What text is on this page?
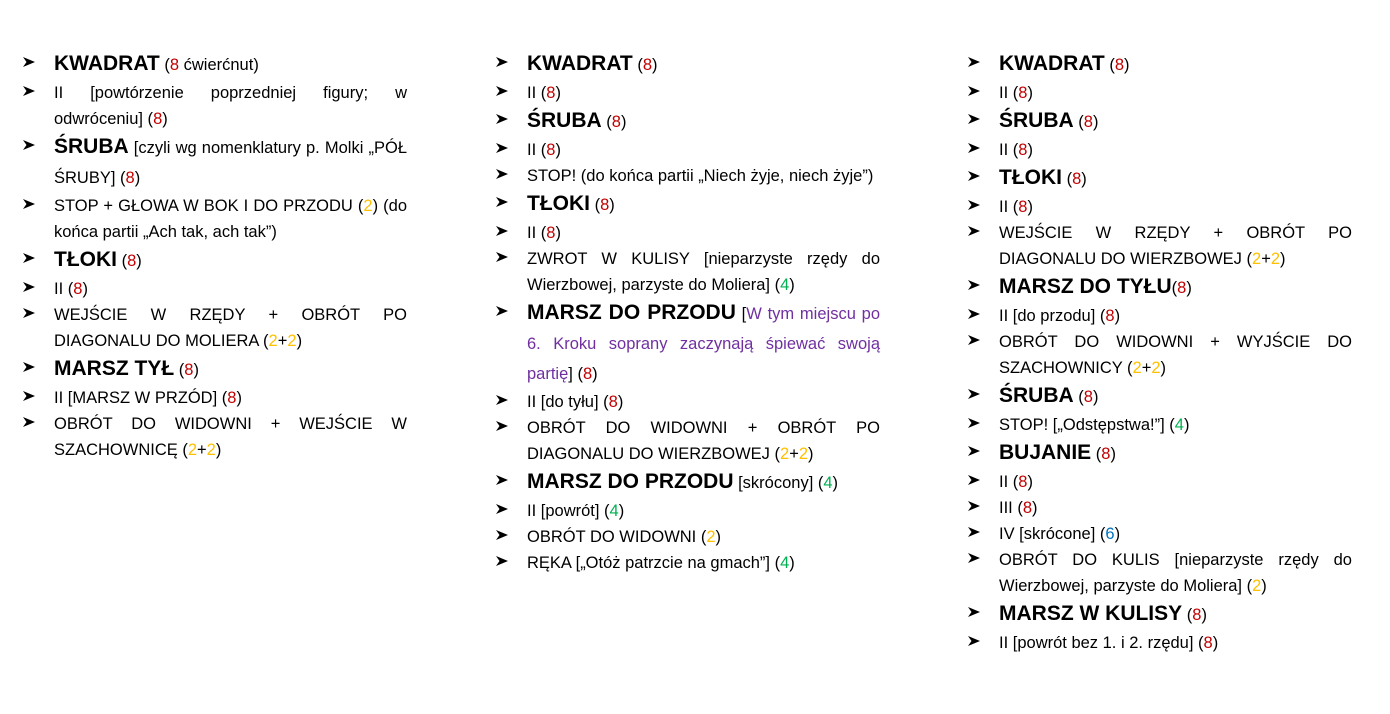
KWADRAT (8 ćwierćnut)
II [powtórzenie poprzedniej figury; w odwróceniu] (8)
ŚRUBA [czyli wg nomenklatury p. Molki „PÓŁ ŚRUBY] (8)
STOP + GŁOWA W BOK I DO PRZODU (2) (do końca partii „Ach tak, ach tak”)
TŁOKI (8)
II (8)
WEJŚCIE W RZĘDY + OBRÓT PO DIAGONALU DO MOLIERA (2+2)
MARSZ TYŁ (8)
II [MARSZ W PRZÓD] (8)
OBRÓT DO WIDOWNI + WEJŚCIE W SZACHOWNICĘ (2+2)
KWADRAT (8)
II (8)
ŚRUBA (8)
II (8)
STOP! (do końca partii „Niech żyje, niech żyje”)
TŁOKI (8)
II (8)
ZWROT W KULISY [nieparzyste rzędy do Wierzbowej, parzyste do Moliera] (4)
MARSZ DO PRZODU [W tym miejscu po 6. Kroku soprany zaczynają śpiewać swoją partię] (8)
II [do tyłu] (8)
OBRÓT DO WIDOWNI + OBRÓT PO DIAGONALU DO WIERZBOWEJ (2+2)
MARSZ DO PRZODU [skrócony] (4)
II [powrót] (4)
OBRÓT DO WIDOWNI (2)
RĘKA [„Otóż patrzcie na gmach”] (4)
KWADRAT (8)
II (8)
ŚRUBA (8)
II (8)
TŁOKI (8)
II (8)
WEJŚCIE W RZĘDY + OBRÓT PO DIAGONALU DO WIERZBOWEJ (2+2)
MARSZ DO TYŁU(8)
II [do przodu] (8)
OBRÓT DO WIDOWNI + WYJŚCIE DO SZACHOWNICY (2+2)
ŚRUBA (8)
STOP! [„Odstępstwa!”] (4)
BUJANIE (8)
II (8)
III (8)
IV [skrócone] (6)
OBRÓT DO KULIS [nieparzyste rzędy do Wierzbowej, parzyste do Moliera] (2)
MARSZ W KULISY (8)
II [powrót bez 1. i 2. rzędu] (8)
